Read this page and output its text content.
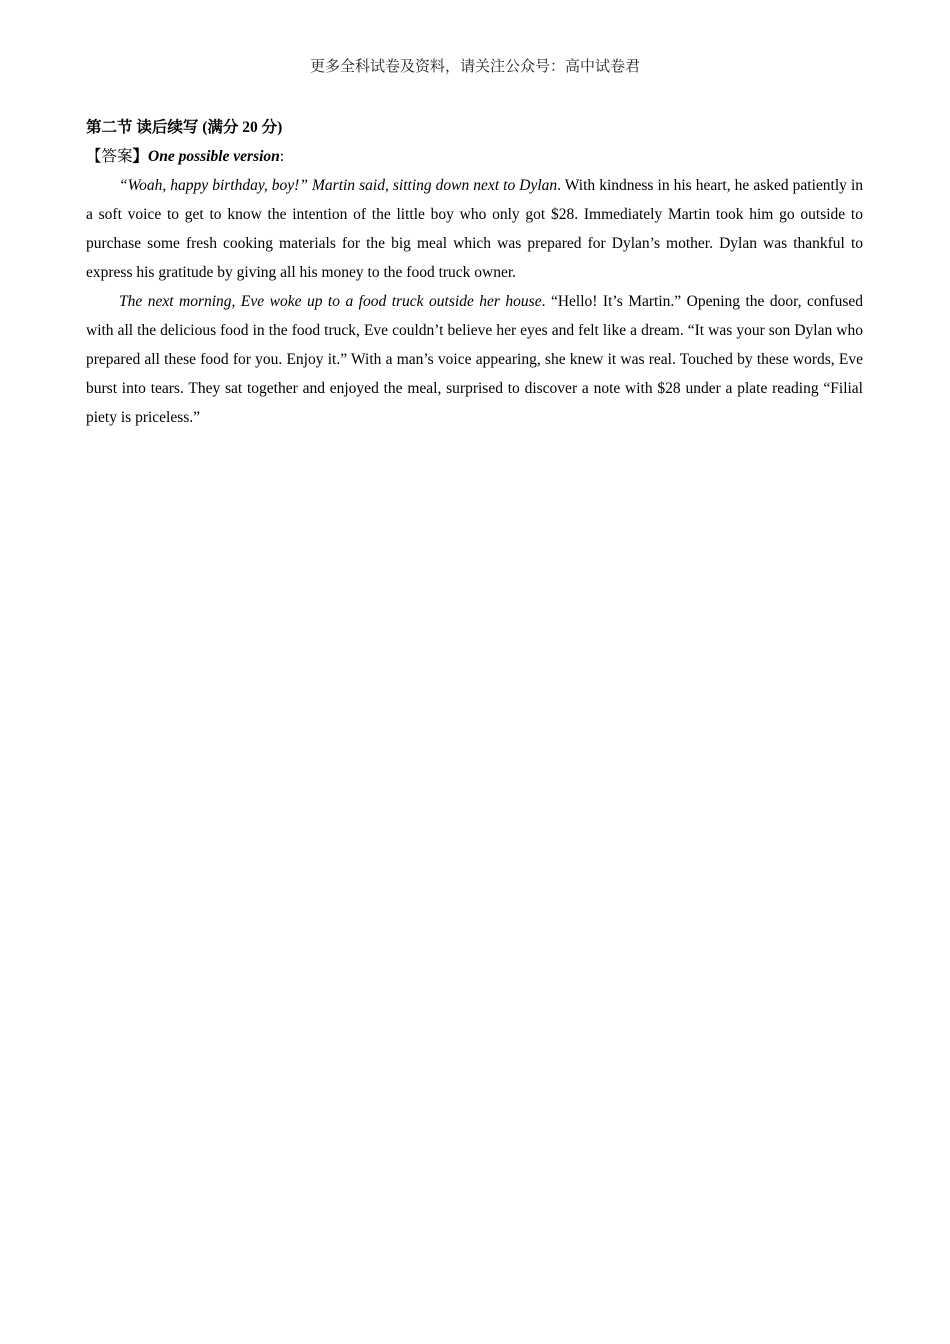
更多全科试卷及资料，请关注公众号：高中试卷君

第二节 读后续写 (满分 20 分)

【答案】One possible version:

“Woah, happy birthday, boy!” Martin said, sitting down next to Dylan. With kindness in his heart, he asked patiently in a soft voice to get to know the intention of the little boy who only got $28. Immediately Martin took him go outside to purchase some fresh cooking materials for the big meal which was prepared for Dylan’s mother. Dylan was thankful to express his gratitude by giving all his money to the food truck owner.

The next morning, Eve woke up to a food truck outside her house. “Hello! It’s Martin.” Opening the door, confused with all the delicious food in the food truck, Eve couldn’t believe her eyes and felt like a dream. “It was your son Dylan who prepared all these food for you. Enjoy it.” With a man’s voice appearing, she knew it was real. Touched by these words, Eve burst into tears. They sat together and enjoyed the meal, surprised to discover a note with $28 under a plate reading “Filial piety is priceless.”
